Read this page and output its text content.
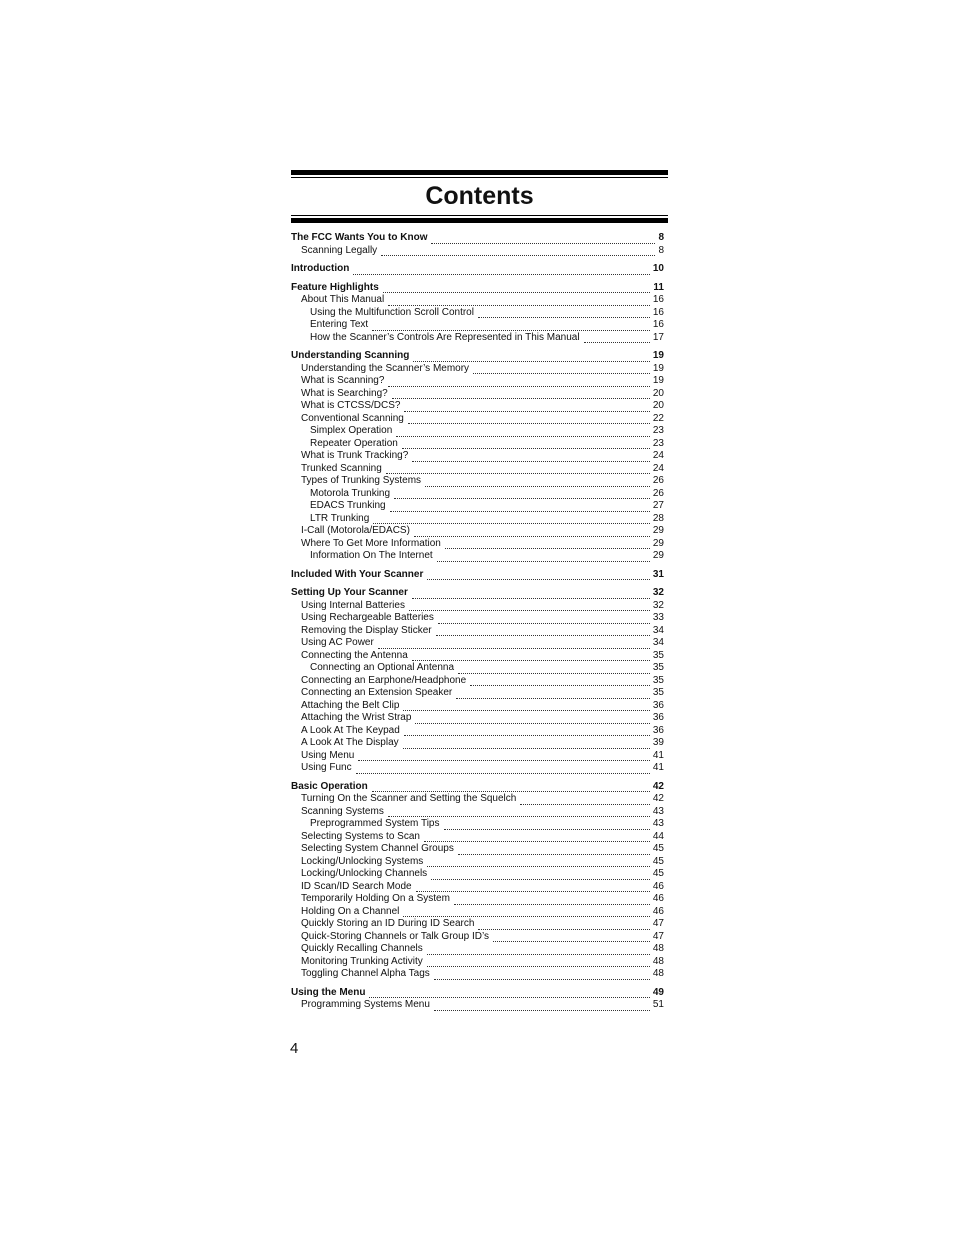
Contents
The FCC Wants You to Know	8
Scanning Legally	8
Introduction	10
Feature Highlights	11
About This Manual	16
Using the Multifunction Scroll Control	16
Entering Text	16
How the Scanner’s Controls Are Represented in This Manual	17
Understanding Scanning	19
Understanding the Scanner’s Memory	19
What is Scanning?	19
What is Searching?	20
What is CTCSS/DCS?	20
Conventional Scanning	22
Simplex Operation	23
Repeater Operation	23
What is Trunk Tracking?	24
Trunked Scanning	24
Types of Trunking Systems	26
Motorola Trunking	26
EDACS Trunking	27
LTR Trunking	28
I-Call (Motorola/EDACS)	29
Where To Get More Information	29
Information On The Internet	29
Included With Your Scanner	31
Setting Up Your Scanner	32
Using Internal Batteries	32
Using Rechargeable Batteries	33
Removing the Display Sticker	34
Using AC Power	34
Connecting the Antenna	35
Connecting an Optional Antenna	35
Connecting an Earphone/Headphone	35
Connecting an Extension Speaker	35
Attaching the Belt Clip	36
Attaching the Wrist Strap	36
A Look At The Keypad	36
A Look At The Display	39
Using Menu	41
Using Func	41
Basic Operation	42
Turning On the Scanner and Setting the Squelch	42
Scanning Systems	43
Preprogrammed System Tips	43
Selecting Systems to Scan	44
Selecting System Channel Groups	45
Locking/Unlocking Systems	45
Locking/Unlocking Channels	45
ID Scan/ID Search Mode	46
Temporarily Holding On a System	46
Holding On a Channel	46
Quickly Storing an ID During ID Search	47
Quick-Storing Channels or Talk Group ID’s	47
Quickly Recalling Channels	48
Monitoring Trunking Activity	48
Toggling Channel Alpha Tags	48
Using the Menu	49
Programming Systems Menu	51
4
